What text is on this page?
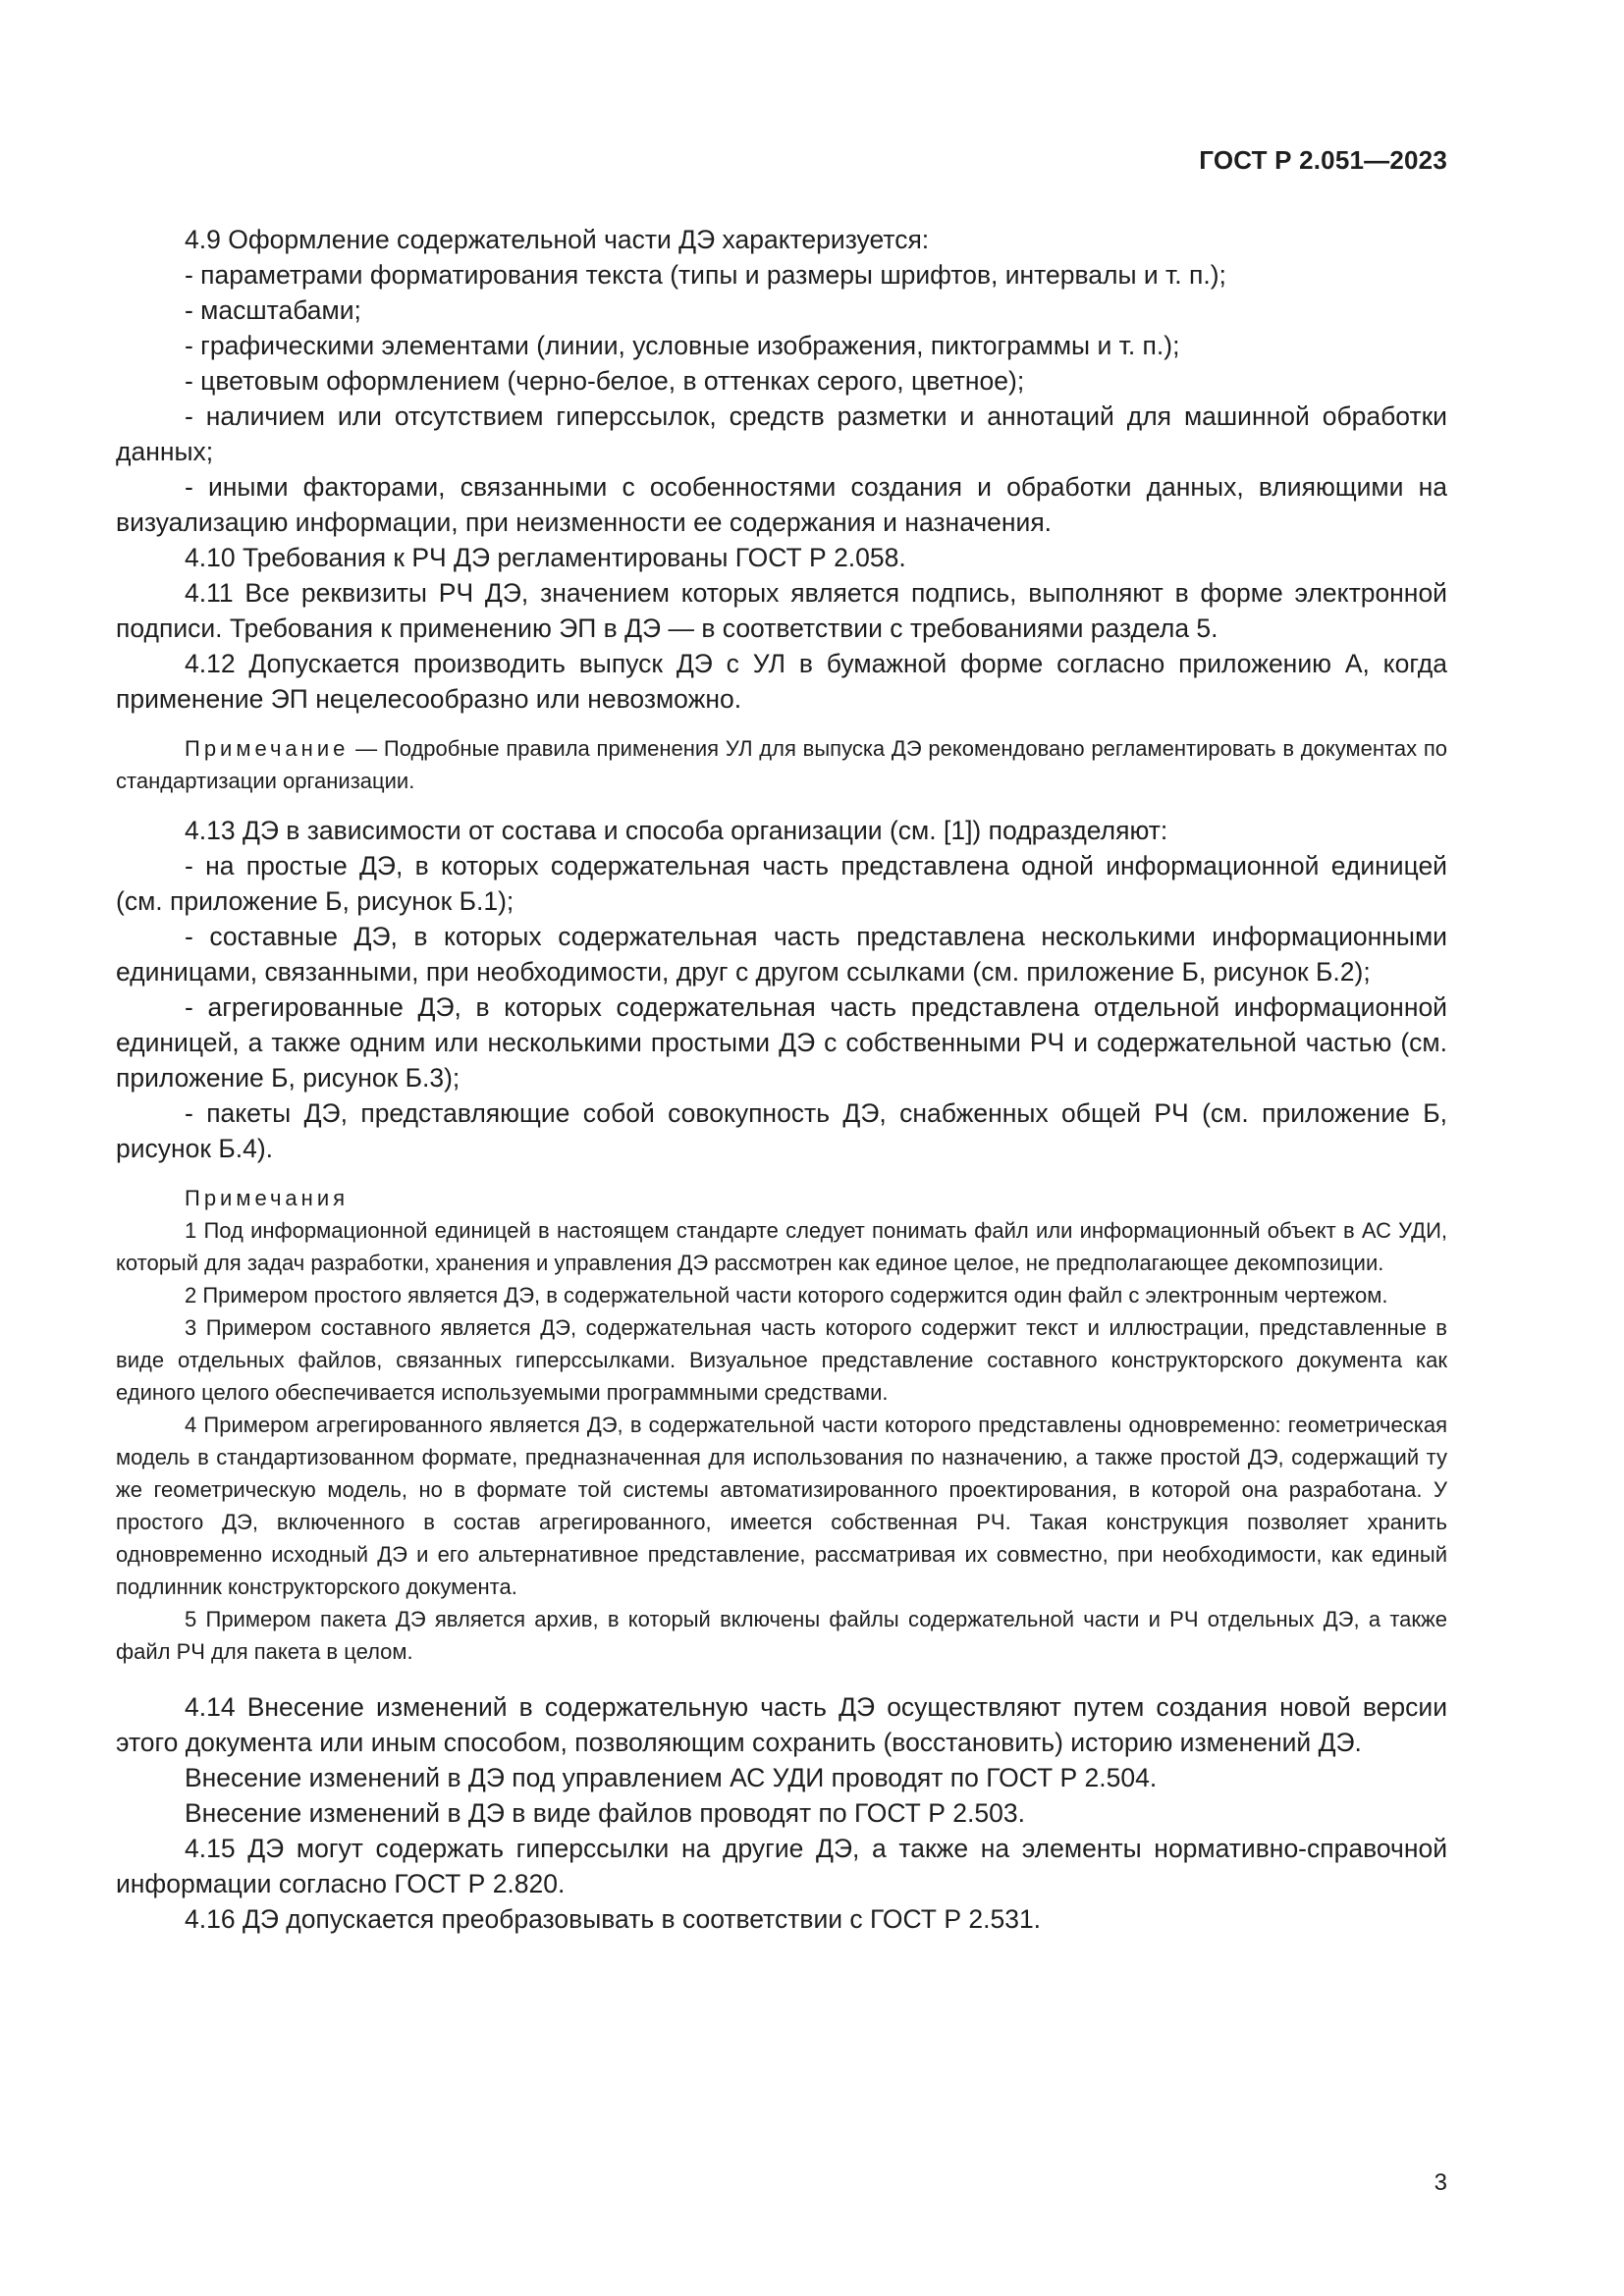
ГОСТ Р 2.051—2023

4.9 Оформление содержательной части ДЭ характеризуется:

- параметрами форматирования текста (типы и размеры шрифтов, интервалы и т. п.);

- масштабами;

- графическими элементами (линии, условные изображения, пиктограммы и т. п.);

- цветовым оформлением (черно-белое, в оттенках серого, цветное);

- наличием или отсутствием гиперссылок, средств разметки и аннотаций для машинной обработки данных;

- иными факторами, связанными с особенностями создания и обработки данных, влияющими на визуализацию информации, при неизменности ее содержания и назначения.

4.10 Требования к РЧ ДЭ регламентированы ГОСТ Р 2.058.

4.11 Все реквизиты РЧ ДЭ, значением которых является подпись, выполняют в форме электронной подписи. Требования к применению ЭП в ДЭ — в соответствии с требованиями раздела 5.

4.12 Допускается производить выпуск ДЭ с УЛ в бумажной форме согласно приложению А, когда применение ЭП нецелесообразно или невозможно.

Примечание — Подробные правила применения УЛ для выпуска ДЭ рекомендовано регламентировать в документах по стандартизации организации.

4.13 ДЭ в зависимости от состава и способа организации (см. [1]) подразделяют:

- на простые ДЭ, в которых содержательная часть представлена одной информационной единицей (см. приложение Б, рисунок Б.1);

- составные ДЭ, в которых содержательная часть представлена несколькими информационными единицами, связанными, при необходимости, друг с другом ссылками (см. приложение Б, рисунок Б.2);

- агрегированные ДЭ, в которых содержательная часть представлена отдельной информационной единицей, а также одним или несколькими простыми ДЭ с собственными РЧ и содержательной частью (см. приложение Б, рисунок Б.3);

- пакеты ДЭ, представляющие собой совокупность ДЭ, снабженных общей РЧ (см. приложение Б, рисунок Б.4).

Примечания

1 Под информационной единицей в настоящем стандарте следует понимать файл или информационный объект в АС УДИ, который для задач разработки, хранения и управления ДЭ рассмотрен как единое целое, не предполагающее декомпозиции.

2 Примером простого является ДЭ, в содержательной части которого содержится один файл с электронным чертежом.

3 Примером составного является ДЭ, содержательная часть которого содержит текст и иллюстрации, представленные в виде отдельных файлов, связанных гиперссылками. Визуальное представление составного конструкторского документа как единого целого обеспечивается используемыми программными средствами.

4 Примером агрегированного является ДЭ, в содержательной части которого представлены одновременно: геометрическая модель в стандартизованном формате, предназначенная для использования по назначению, а также простой ДЭ, содержащий ту же геометрическую модель, но в формате той системы автоматизированного проектирования, в которой она разработана. У простого ДЭ, включенного в состав агрегированного, имеется собственная РЧ. Такая конструкция позволяет хранить одновременно исходный ДЭ и его альтернативное представление, рассматривая их совместно, при необходимости, как единый подлинник конструкторского документа.

5 Примером пакета ДЭ является архив, в который включены файлы содержательной части и РЧ отдельных ДЭ, а также файл РЧ для пакета в целом.

4.14 Внесение изменений в содержательную часть ДЭ осуществляют путем создания новой версии этого документа или иным способом, позволяющим сохранить (восстановить) историю изменений ДЭ.

Внесение изменений в ДЭ под управлением АС УДИ проводят по ГОСТ Р 2.504.

Внесение изменений в ДЭ в виде файлов проводят по ГОСТ Р 2.503.

4.15 ДЭ могут содержать гиперссылки на другие ДЭ, а также на элементы нормативно-справочной информации согласно ГОСТ Р 2.820.

4.16 ДЭ допускается преобразовывать в соответствии с ГОСТ Р 2.531.

3
